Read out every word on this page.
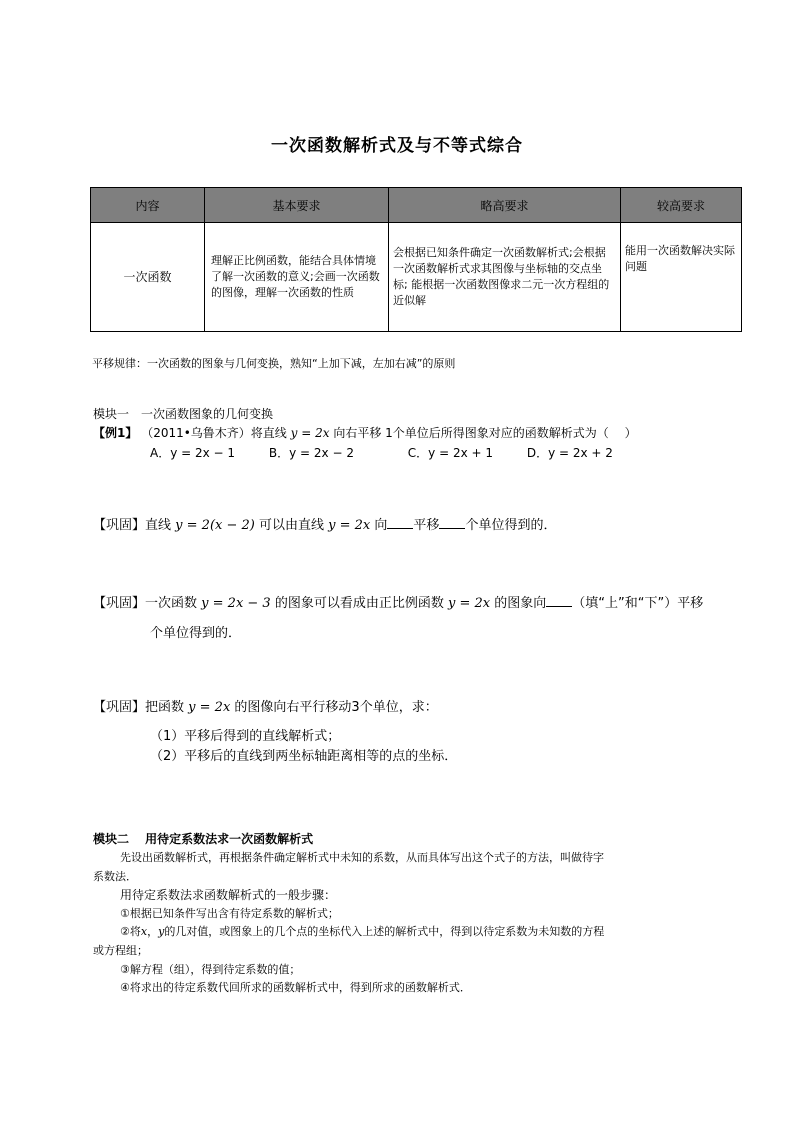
一次函数解析式及与不等式综合
内容	基本要求	略高要求	较高要求
一次函数	理解正比例函数，能结合具体情境了解一次函数的意义;会画一次函数的图像，理解一次函数的性质	会根据已知条件确定一次函数解析式;会根据一次函数解析式求其图像与坐标轴的交点坐标; 能根据一次函数图像求二元一次方程组的近似解	能用一次函数解决实际问题
平移规律：一次函数的图象与几何变换，熟知“上加下减，左加右减”的原则
模块一　一次函数图象的几何变换
【例1】 （2011•乌鲁木齐）将直线 y = 2x 向右平移 1个单位后所得图象对应的函数解析式为（　 ）
A．y = 2x − 1	B．y = 2x − 2	C．y = 2x + 1	D．y = 2x + 2
【巩固】直线 y = 2(x − 2) 可以由直线 y = 2x 向 平移 个单位得到的．
【巩固】一次函数 y = 2x − 3 的图象可以看成由正比例函数 y = 2x 的图象向 （填“上”和“下”）平移
个单位得到的．
【巩固】把函数 y = 2x 的图像向右平行移动3个单位，求：
（1）平移后得到的直线解析式；
（2）平移后的直线到两坐标轴距离相等的点的坐标．
模块二　 用待定系数法求一次函数解析式
先设出函数解析式，再根据条件确定解析式中未知的系数，从而具体写出这个式子的方法，叫做待字
系数法．
用待定系数法求函数解析式的一般步骤：
①根据已知条件写出含有待定系数的解析式；
②将x，y的几对值，或图象上的几个点的坐标代入上述的解析式中，得到以待定系数为未知数的方程
或方程组；
③解方程（组），得到待定系数的值；
④将求出的待定系数代回所求的函数解析式中，得到所求的函数解析式．
